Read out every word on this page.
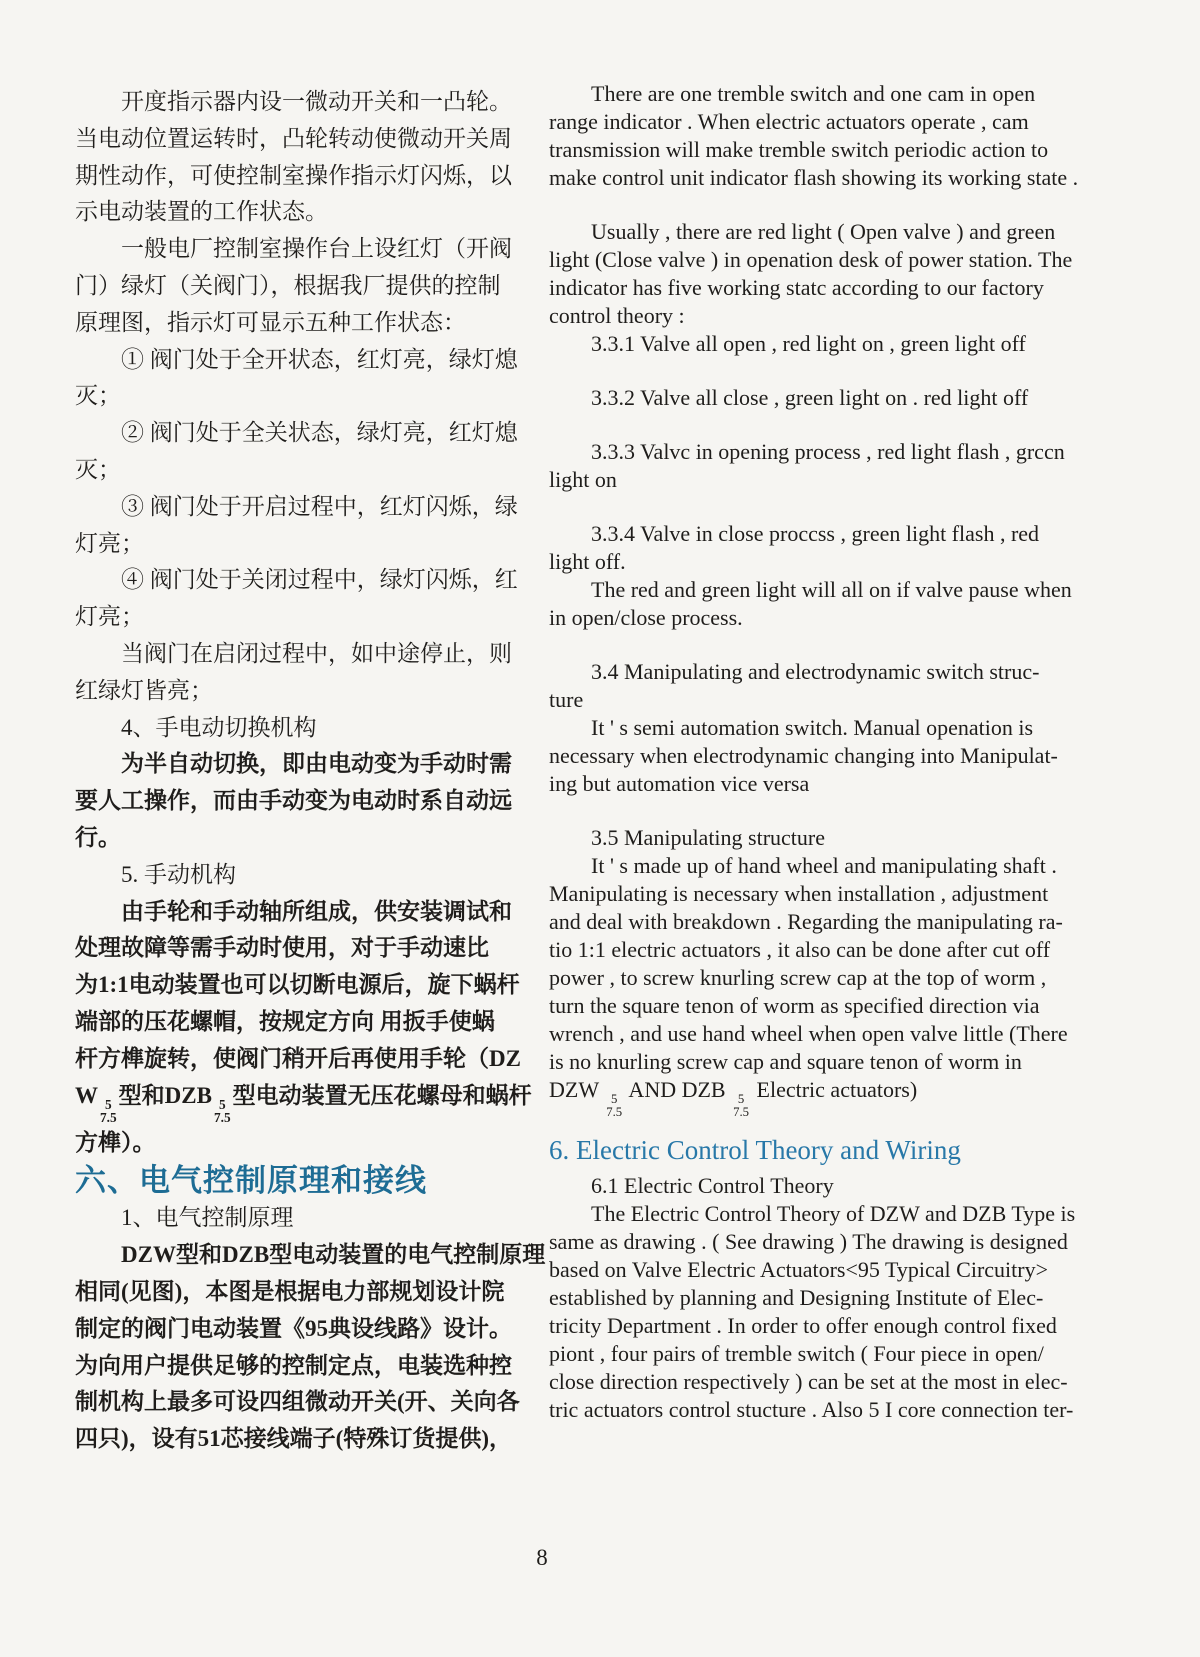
开度指示器内设一微动开关和一凸轮。
当电动位置运转时，凸轮转动使微动开关周
期性动作，可使控制室操作指示灯闪烁，以
示电动装置的工作状态。
一般电厂控制室操作台上设红灯（开阀
门）绿灯（关阀门），根据我厂提供的控制
原理图，指示灯可显示五种工作状态：
① 阀门处于全开状态，红灯亮，绿灯熄
灭；
② 阀门处于全关状态，绿灯亮，红灯熄
灭；
③ 阀门处于开启过程中，红灯闪烁，绿
灯亮；
④ 阀门处于关闭过程中，绿灯闪烁，红
灯亮；
当阀门在启闭过程中，如中途停止，则
红绿灯皆亮；
4、手电动切换机构
为半自动切换，即由电动变为手动时需
要人工操作，而由手动变为电动时系自动远
行。
5. 手动机构
由手轮和手动轴所组成，供安装调试和
处理故障等需手动时使用，对于手动速比
为1:1电动装置也可以切断电源后，旋下蜗杆
端部的压花螺帽，按规定方向 用扳手使蜗
杆方榫旋转，使阀门稍开后再使用手轮（DZ
W 5
7.5
型和DZB 5
7.5
型电动装置无压花螺母和蜗杆
方榫）。
六、电气控制原理和接线
1、电气控制原理
DZW型和DZB型电动装置的电气控制原理
相同(见图)，本图是根据电力部规划设计院
制定的阀门电动装置《95典设线路》设计。
为向用户提供足够的控制定点，电装选种控
制机构上最多可设四组微动开关(开、关向各
四只)，设有51芯接线端子(特殊订货提供)，
There are one tremble switch and one cam in open
range indicator . When electric actuators operate , cam
transmission will make tremble switch periodic action to
make control unit indicator flash showing its working state .
Usually , there are red light ( Open valve ) and green
light (Close valve ) in openation desk of power station. The
indicator has five working statc according to our factory
control theory :
3.3.1 Valve all open , red light on , green light off
3.3.2 Valve all close , green light on . red light off
3.3.3 Valvc in opening process , red light flash , grccn
light on
3.3.4 Valve in close proccss , green light flash , red
light off.
The red and green light will all on if valve pause when
in open/close process.
3.4 Manipulating and electrodynamic switch struc-
ture
It ' s semi automation switch. Manual openation is
necessary when electrodynamic changing into Manipulat-
ing but automation vice versa
3.5 Manipulating structure
It ' s made up of hand wheel and manipulating shaft .
Manipulating is necessary when installation , adjustment
and deal with breakdown . Regarding the manipulating ra-
tio 1:1 electric actuators , it also can be done after cut off
power , to screw knurling screw cap at the top of worm ,
turn the square tenon of worm as specified direction via
wrench , and use hand wheel when open valve little (There
is no knurling screw cap and square tenon of worm in
DZW 5
7.5
AND DZB 5
7.5
Electric actuators)
6. Electric Control Theory and Wiring
6.1 Electric Control Theory
The Electric Control Theory of DZW and DZB Type is
same as drawing . ( See drawing ) The drawing is designed
based on Valve Electric Actuators<95 Typical Circuitry>
established by planning and Designing Institute of Elec-
tricity Department . In order to offer enough control fixed
piont , four pairs of tremble switch ( Four piece in open/
close direction respectively ) can be set at the most in elec-
tric actuators control stucture . Also 5 I core connection ter-
8
